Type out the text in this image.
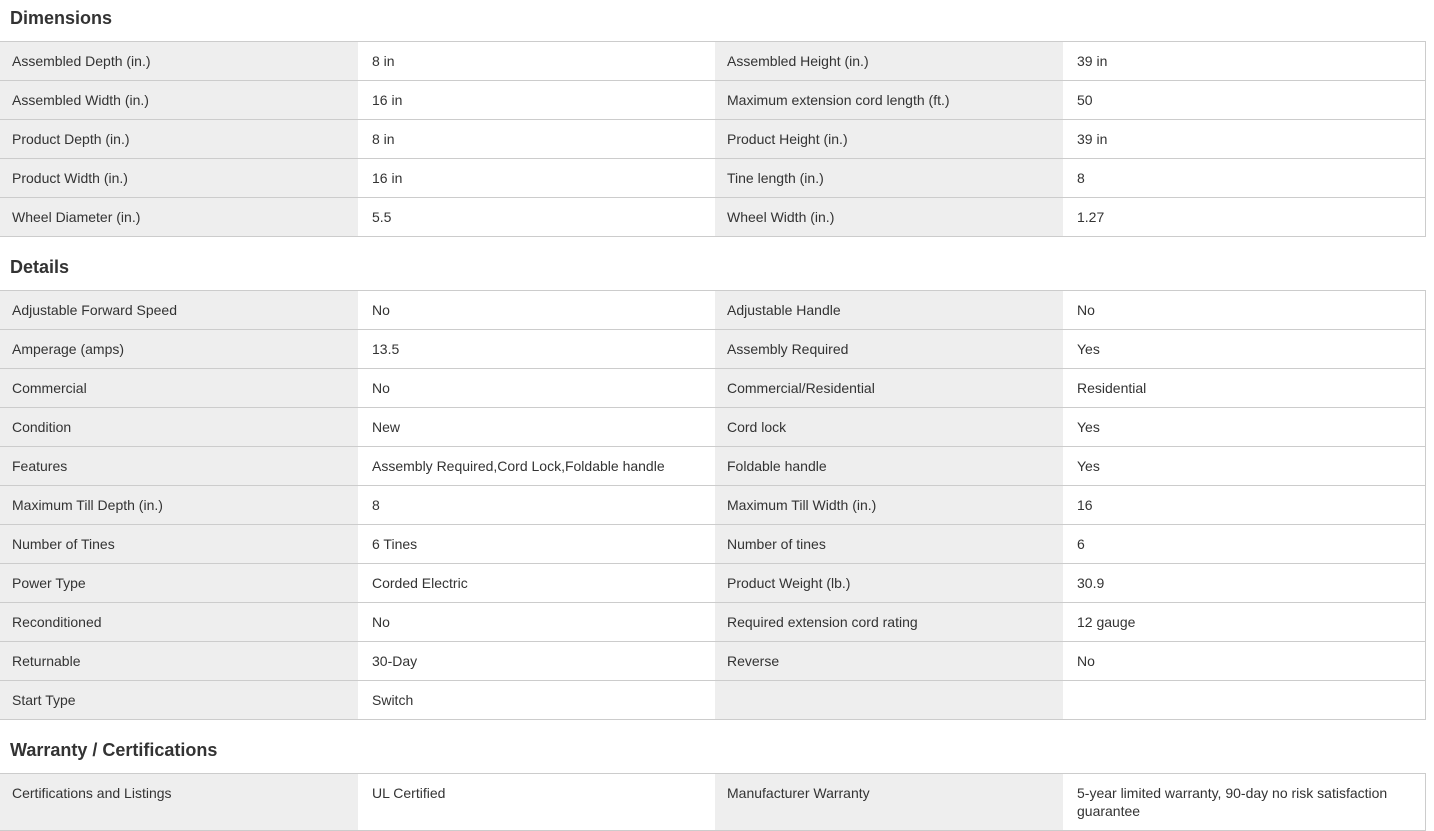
Dimensions
Assembled Depth (in.)	8 in	Assembled Height (in.)	39 in
Assembled Width (in.)	16 in	Maximum extension cord length (ft.)	50
Product Depth (in.)	8 in	Product Height (in.)	39 in
Product Width (in.)	16 in	Tine length (in.)	8
Wheel Diameter (in.)	5.5	Wheel Width (in.)	1.27
Details
Adjustable Forward Speed	No	Adjustable Handle	No
Amperage (amps)	13.5	Assembly Required	Yes
Commercial	No	Commercial/Residential	Residential
Condition	New	Cord lock	Yes
Features	Assembly Required,Cord Lock,Foldable handle	Foldable handle	Yes
Maximum Till Depth (in.)	8	Maximum Till Width (in.)	16
Number of Tines	6 Tines	Number of tines	6
Power Type	Corded Electric	Product Weight (lb.)	30.9
Reconditioned	No	Required extension cord rating	12 gauge
Returnable	30-Day	Reverse	No
Start Type	Switch
Warranty / Certifications
Certifications and Listings	UL Certified	Manufacturer Warranty	5-year limited warranty, 90-day no risk satisfaction guarantee
